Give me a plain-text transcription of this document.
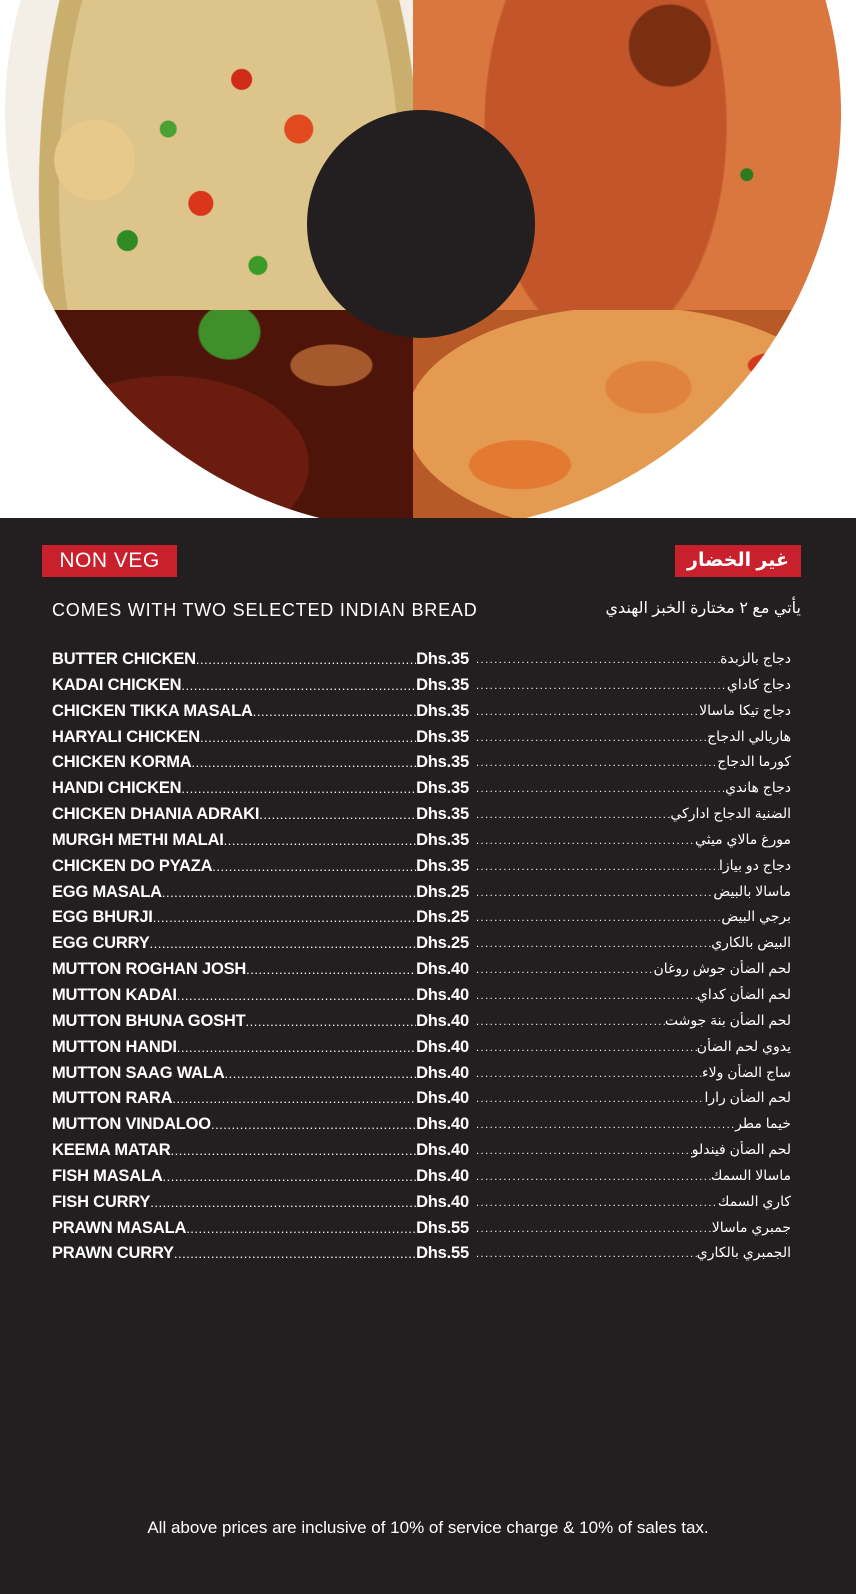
NON VEG	غير الخضار
COMES WITH TWO SELECTED INDIAN BREAD	يأتي مع ٢ مختارة الخبز الهندي
BUTTER CHICKEN .....	Dhs.35	دجاج بالزبدة
.....
KADAI CHICKEN .....	Dhs.35	دجاج كاداي
.....
CHICKEN TIKKA MASALA .....	Dhs.35	دجاج تيكا ماسالا
.....
HARYALI CHICKEN .....	Dhs.35	هاريالي الدجاج
.....
CHICKEN KORMA .....	Dhs.35	كورما الدجاج
.....
HANDI CHICKEN .....	Dhs.35	دجاج هاندي
.....
CHICKEN DHANIA ADRAKI .....	Dhs.35	الضنية الدجاج اداركي
.....
MURGH METHI MALAI .....	Dhs.35	مورغ مالاي ميثي
.....
CHICKEN DO PYAZA .....	Dhs.35	دجاج دو بيازا
.....
EGG MASALA .....	Dhs.25	ماسالا بالبيض
.....
EGG BHURJI .....	Dhs.25	برجي البيض
.....
EGG CURRY .....	Dhs.25	البيض بالكاري
.....
MUTTON ROGHAN JOSH .....	Dhs.40	لحم الضأن جوش روغان
.....
MUTTON KADAI .....	Dhs.40	لحم الضأن كداي
.....
MUTTON BHUNA GOSHT .....	Dhs.40	لحم الضأن بنة جوشت
.....
MUTTON HANDI .....	Dhs.40	يدوي لحم الضأن
.....
MUTTON SAAG WALA .....	Dhs.40	ساج الضأن ولاء
.....
MUTTON RARA .....	Dhs.40	لحم الضأن رارا
.....
MUTTON VINDALOO .....	Dhs.40	خيما مطر
.....
KEEMA MATAR .....	Dhs.40	لحم الضأن فيندلو
.....
FISH MASALA .....	Dhs.40	ماسالا السمك
.....
FISH CURRY .....	Dhs.40	كاري السمك
.....
PRAWN MASALA .....	Dhs.55	جمبري ماسالا
.....
PRAWN CURRY .....	Dhs.55	الجمبري بالكاري
.....
All above prices are inclusive of 10% of service charge & 10% of sales tax.
